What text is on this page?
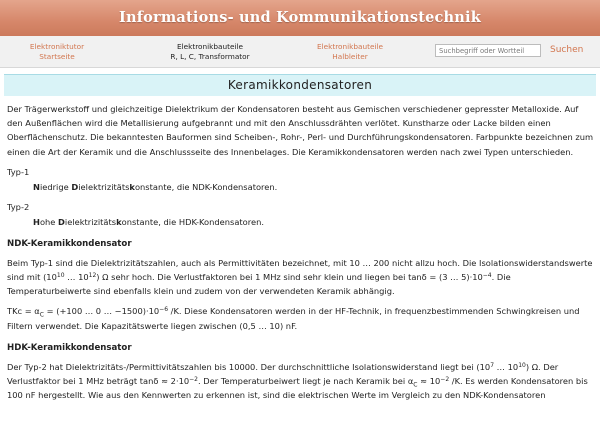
Informations- und Kommunikationstechnik
Elektroniktutor
Startseite
Elektronikbauteile
R, L, C, Transformator
Elektronikbauteile
Halbleiter
Suchbegriff oder Wortteil
Suchen
Keramikkondensatoren

Der Trägerwerkstoff und gleichzeitige Dielektrikum der Kondensatoren besteht aus Gemischen verschiedener gepresster Metalloxide. Auf den Außenflächen wird die Metallisierung aufgebrannt und mit den Anschlussdrähten verlötet. Kunstharze oder Lacke bilden einen Oberflächenschutz. Die bekanntesten Bauformen sind Scheiben-, Rohr-, Perl- und Durchführungskondensatoren. Farbpunkte bezeichnen zum einen die Art der Keramik und die Anschlussseite des Innenbelages. Die Keramikkondensatoren werden nach zwei Typen unterschieden.

Typ-1
Niedrige Dielektrizitätskonstante, die NDK-Kondensatoren.
Typ-2
Hohe Dielektrizitätskonstante, die HDK-Kondensatoren.
NDK-Keramikkondensator

Beim Typ-1 sind die Dielektrizitätszahlen, auch als Permittivitäten bezeichnet, mit 10 … 200 nicht allzu hoch. Die Isolationswiderstandswerte sind mit ($10^{10}$ … $10^{12}$) Ω sehr hoch. Die Verlustfaktoren bei 1 MHz sind sehr klein und liegen bei tanδ = (3 … $5)\cdot 10^{-4}$. Die Temperaturbeiwerte sind ebenfalls klein und zudem von der verwendeten Keramik abhängig.

TKc = $\alpha_C = (+100$ … 0 … $-1500)\cdot 10^{-6}$ /K. Diese Kondensatoren werden in der HF-Technik, in frequenzbestimmenden Schwingkreisen und Filtern verwendet. Die Kapazitätswerte liegen zwischen (0,5 … 10) nF.

HDK-Keramikkondensator

Der Typ-2 hat Dielektrizitäts-/Permittivitätszahlen bis 10000. Der durchschnittliche Isolationswiderstand liegt bei ($10^7$ … $10^{10}$) Ω. Der Verlustfaktor bei 1 MHz beträgt $\tan\delta \approx 2\cdot 10^{-2}$. Der Temperaturbeiwert liegt je nach Keramik bei $\alpha_C \approx 10^{-2}$ /K. Es werden Kondensatoren bis 100 nF hergestellt. Wie aus den Kennwerten zu erkennen ist, sind die elektrischen Werte im Vergleich zu den NDK-Kondensatoren
